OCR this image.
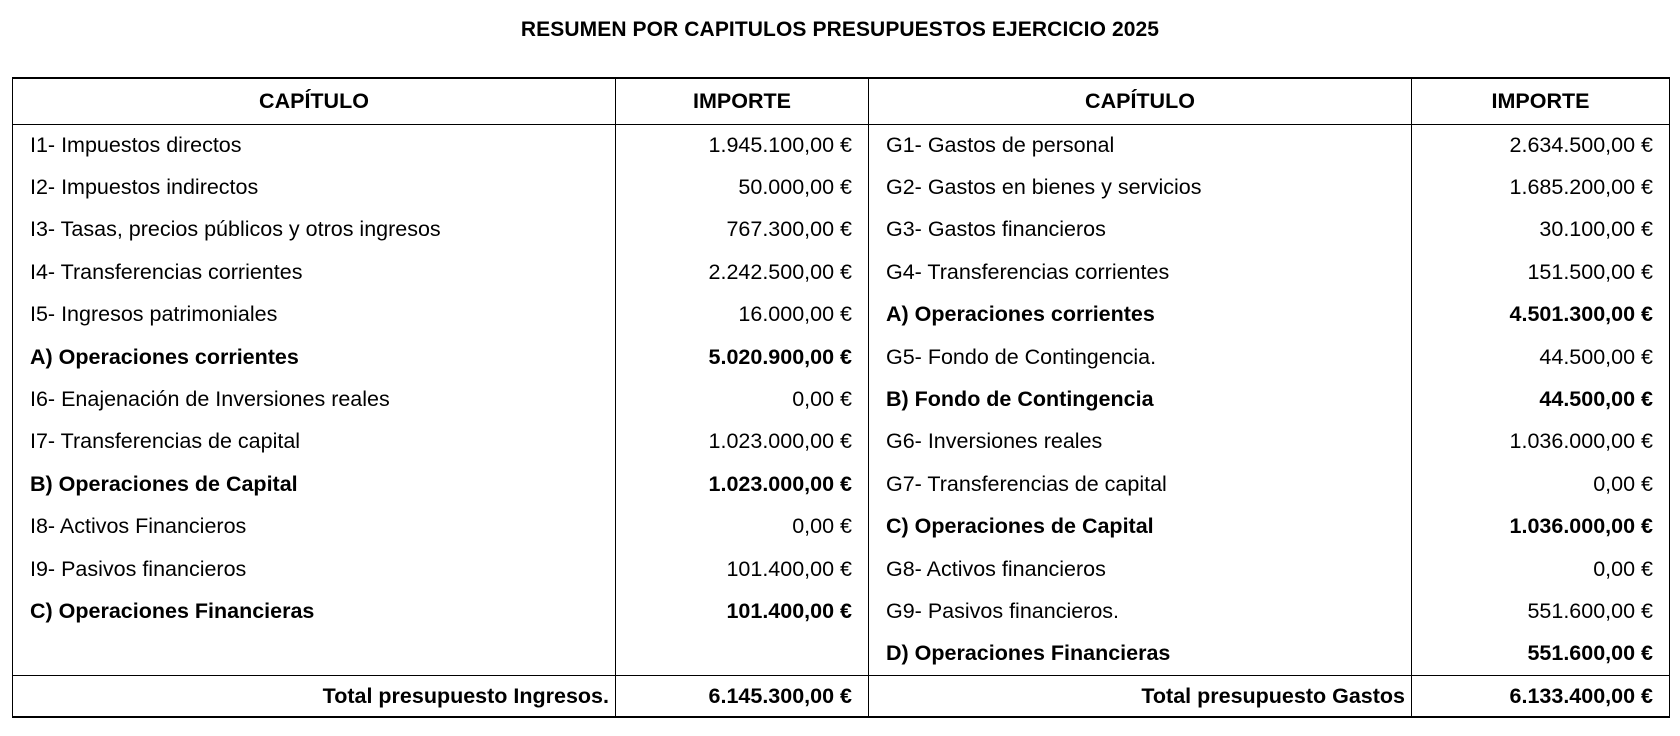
RESUMEN POR CAPITULOS PRESUPUESTOS EJERCICIO 2025
CAPÍTULO	IMPORTE	CAPÍTULO	IMPORTE
I1- Impuestos directos	1.945.100,00 €	G1- Gastos de personal	2.634.500,00 €
I2- Impuestos indirectos	50.000,00 €	G2- Gastos en bienes y servicios	1.685.200,00 €
I3- Tasas, precios públicos y otros ingresos	767.300,00 €	G3- Gastos financieros	30.100,00 €
I4- Transferencias corrientes	2.242.500,00 €	G4- Transferencias corrientes	151.500,00 €
I5- Ingresos patrimoniales	16.000,00 €	A) Operaciones corrientes	4.501.300,00 €
A) Operaciones corrientes	5.020.900,00 €	G5- Fondo de Contingencia.	44.500,00 €
I6- Enajenación de Inversiones reales	0,00 €	B) Fondo de Contingencia	44.500,00 €
I7- Transferencias de capital	1.023.000,00 €	G6- Inversiones reales	1.036.000,00 €
B) Operaciones de Capital	1.023.000,00 €	G7- Transferencias de capital	0,00 €
I8- Activos Financieros	0,00 €	C) Operaciones de Capital	1.036.000,00 €
I9- Pasivos financieros	101.400,00 €	G8- Activos financieros	0,00 €
C) Operaciones Financieras	101.400,00 €	G9- Pasivos financieros.	551.600,00 €
		D) Operaciones Financieras	551.600,00 €
Total presupuesto Ingresos.	6.145.300,00 €	Total presupuesto Gastos	6.133.400,00 €
